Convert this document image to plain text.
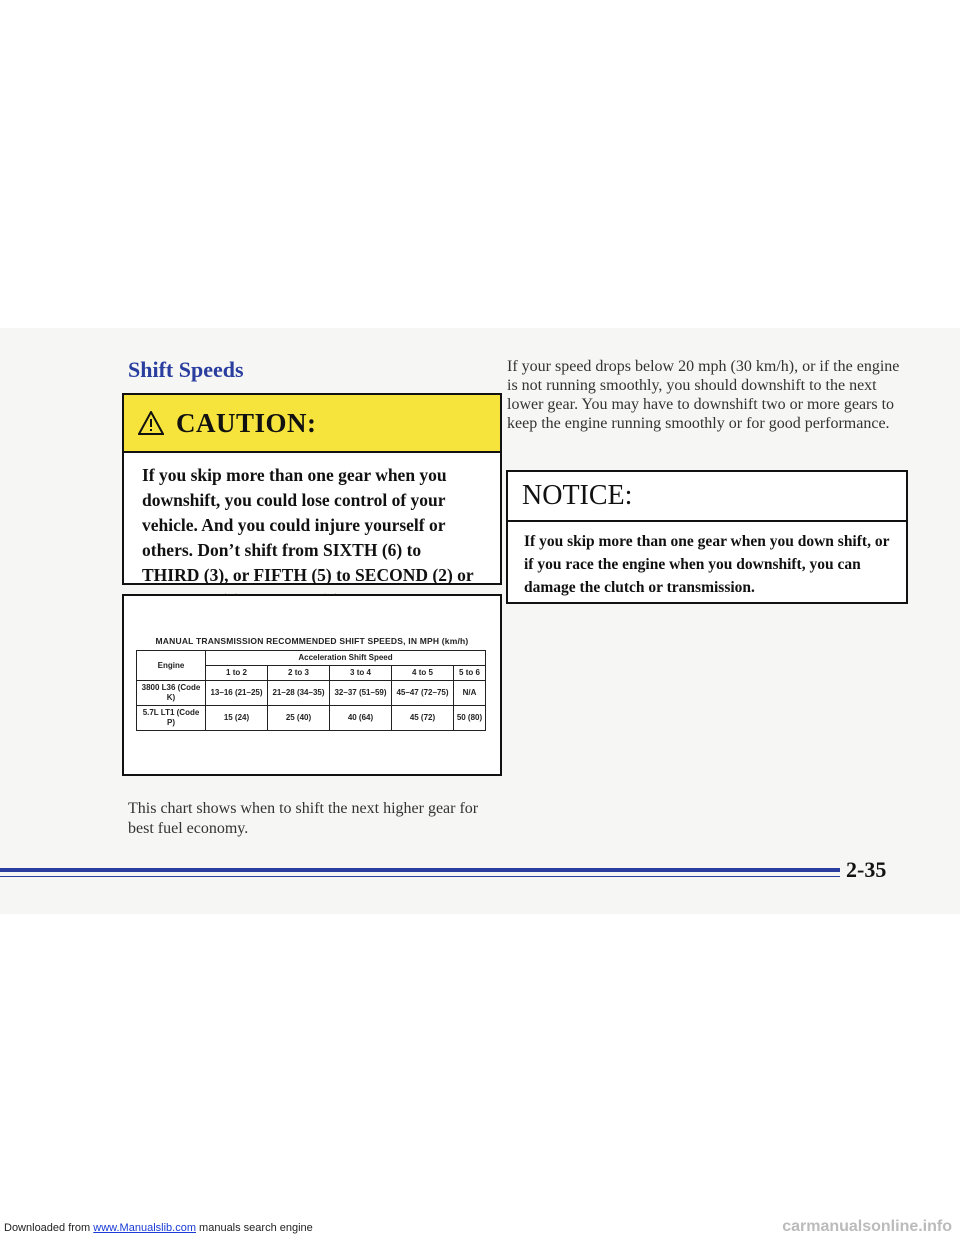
Shift Speeds
CAUTION:

If you skip more than one gear when you downshift, you could lose control of your vehicle. And you could injure yourself or others. Don’t shift from SIXTH (6) to THIRD (3), or FIFTH (5) to SECOND (2) or

MANUAL TRANSMISSION RECOMMENDED SHIFT SPEEDS, IN MPH (km/h)
Engine	Acceleration Shift Speed				
	1 to 2	2 to 3	3 to 4	4 to 5	5 to 6
3800 L36 (Code K)	13–16 (21–25)	21–28 (34–35)	32–37 (51–59)	45–47 (72–75)	N/A
5.7L LT1 (Code P)	15 (24)	25 (40)	40 (64)	45 (72)	50 (80)

This chart shows when to shift the next higher gear for best fuel economy.

If your speed drops below 20 mph (30 km/h), or if the engine is not running smoothly, you should downshift to the next lower gear. You may have to downshift two or more gears to keep the engine running smoothly or for good performance.

NOTICE:

If you skip more than one gear when you down shift, or if you race the engine when you downshift, you can damage the clutch or transmission.

2-35

Downloaded from www.Manualslib.com manuals search engine	carmanualsonline.info
